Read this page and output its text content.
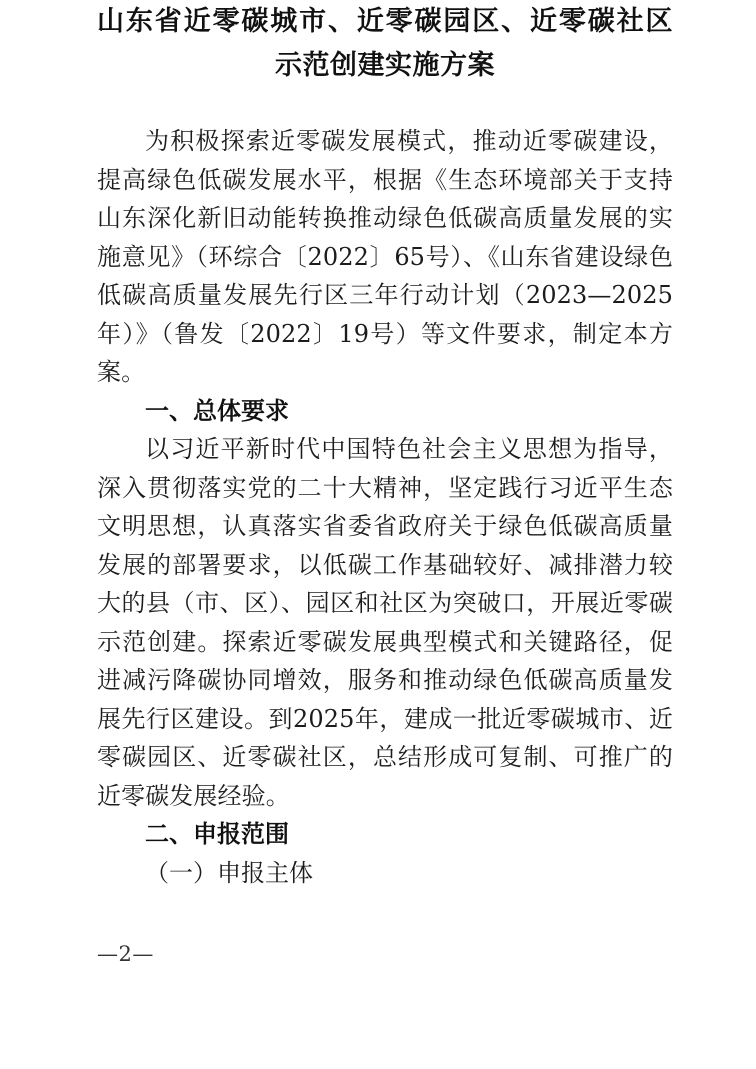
山东省近零碳城市、近零碳园区、近零碳社区
示范创建实施方案

为积极探索近零碳发展模式，推动近零碳建设，提高绿色低碳发展水平，根据《生态环境部关于支持山东深化新旧动能转换推动绿色低碳高质量发展的实施意见》（环综合〔2022〕65号）、《山东省建设绿色低碳高质量发展先行区三年行动计划（2023—2025年）》（鲁发〔2022〕19号）等文件要求，制定本方案。

一、总体要求

以习近平新时代中国特色社会主义思想为指导，深入贯彻落实党的二十大精神，坚定践行习近平生态文明思想，认真落实省委省政府关于绿色低碳高质量发展的部署要求，以低碳工作基础较好、减排潜力较大的县（市、区）、园区和社区为突破口，开展近零碳示范创建。探索近零碳发展典型模式和关键路径，促进减污降碳协同增效，服务和推动绿色低碳高质量发展先行区建设。到2025年，建成一批近零碳城市、近零碳园区、近零碳社区，总结形成可复制、可推广的近零碳发展经验。

二、申报范围

（一）申报主体

—2—
